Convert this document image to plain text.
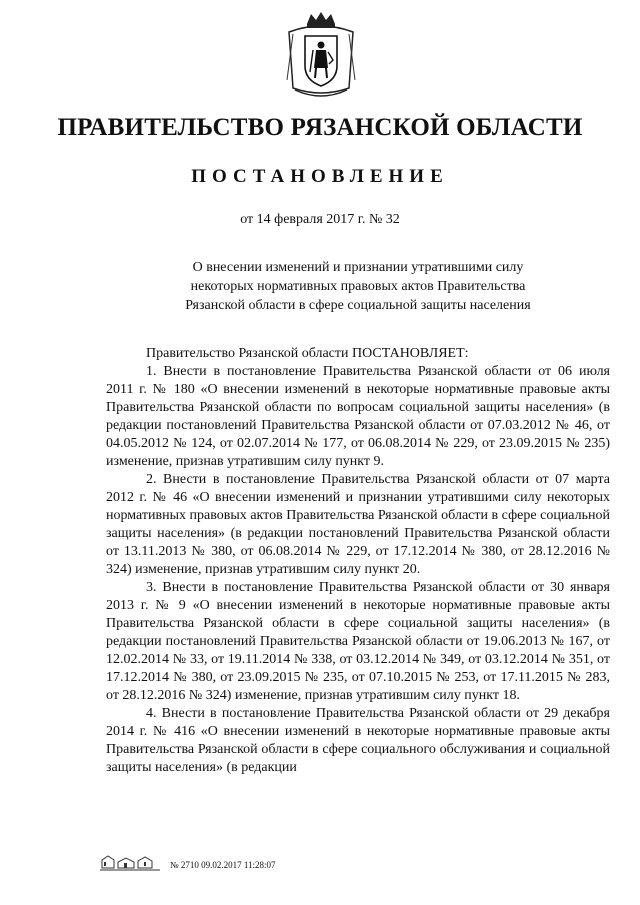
ПРАВИТЕЛЬСТВО РЯЗАНСКОЙ ОБЛАСТИ
ПОСТАНОВЛЕНИЕ
от 14 февраля 2017 г. № 32
О внесении изменений и признании утратившими силу
некоторых нормативных правовых актов Правительства
Рязанской области в сфере социальной защиты населения

Правительство Рязанской области ПОСТАНОВЛЯЕТ:

1. Внести в постановление Правительства Рязанской области от 06 июля 2011 г. № 180 «О внесении изменений в некоторые нормативные правовые акты Правительства Рязанской области по вопросам социальной защиты населения» (в редакции постановлений Правительства Рязанской области от 07.03.2012 № 46, от 04.05.2012 № 124, от 02.07.2014 № 177, от 06.08.2014 № 229, от 23.09.2015 № 235) изменение, признав утратившим силу пункт 9.

2. Внести в постановление Правительства Рязанской области от 07 марта 2012 г. № 46 «О внесении изменений и признании утратившими силу некоторых нормативных правовых актов Правительства Рязанской области в сфере социальной защиты населения» (в редакции постановлений Правительства Рязанской области от 13.11.2013 № 380, от 06.08.2014 № 229, от 17.12.2014 № 380, от 28.12.2016 № 324) изменение, признав утратившим силу пункт 20.

3. Внести в постановление Правительства Рязанской области от 30 января 2013 г. № 9 «О внесении изменений в некоторые нормативные правовые акты Правительства Рязанской области в сфере социальной защиты населения» (в редакции постановлений Правительства Рязанской области от 19.06.2013 № 167, от 12.02.2014 № 33, от 19.11.2014 № 338, от 03.12.2014 № 349, от 03.12.2014 № 351, от 17.12.2014 № 380, от 23.09.2015 № 235, от 07.10.2015 № 253, от 17.11.2015 № 283, от 28.12.2016 № 324) изменение, признав утратившим силу пункт 18.

4. Внести в постановление Правительства Рязанской области от 29 декабря 2014 г. № 416 «О внесении изменений в некоторые нормативные правовые акты Правительства Рязанской области в сфере социального обслуживания и социальной защиты населения» (в редакции

№ 2710 09.02.2017 11:28:07
